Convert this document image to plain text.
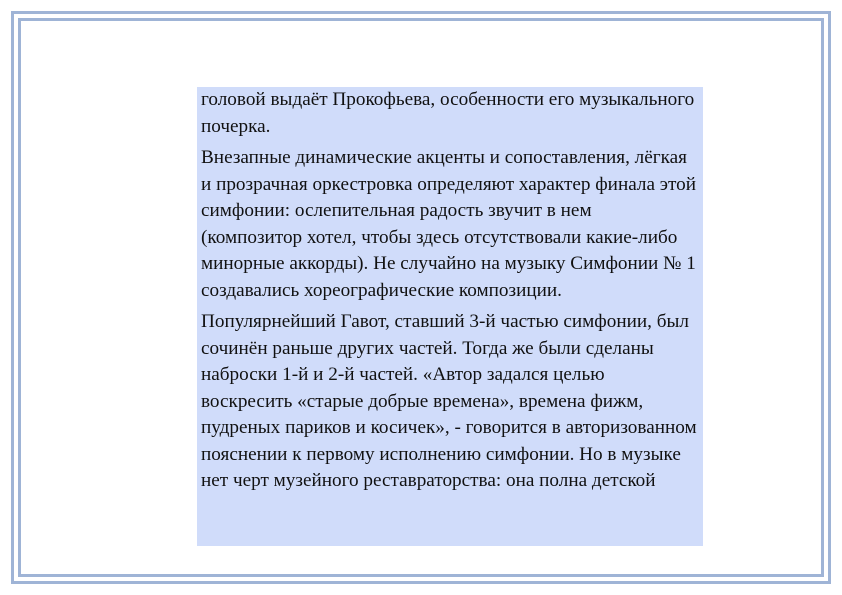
головой выдаёт Прокофьева, особенности его музыкального почерка.

Внезапные динамические акценты и сопоставления, лёгкая и прозрачная оркестровка определяют характер финала этой симфонии: ослепительная радость звучит в нем (композитор хотел, чтобы здесь отсутствовали какие-либо минорные аккорды). Не случайно на музыку Симфонии № 1 создавались хореографические композиции.

Популярнейший Гавот, ставший 3-й частью симфонии, был сочинён раньше других частей. Тогда же были сделаны наброски 1-й и 2-й частей. «Автор задался целью воскресить «старые добрые времена», времена фижм, пудреных париков и косичек», - говорится в авторизованном пояснении к первому исполнению симфонии. Но в музыке нет черт музейного реставраторства: она полна детской
